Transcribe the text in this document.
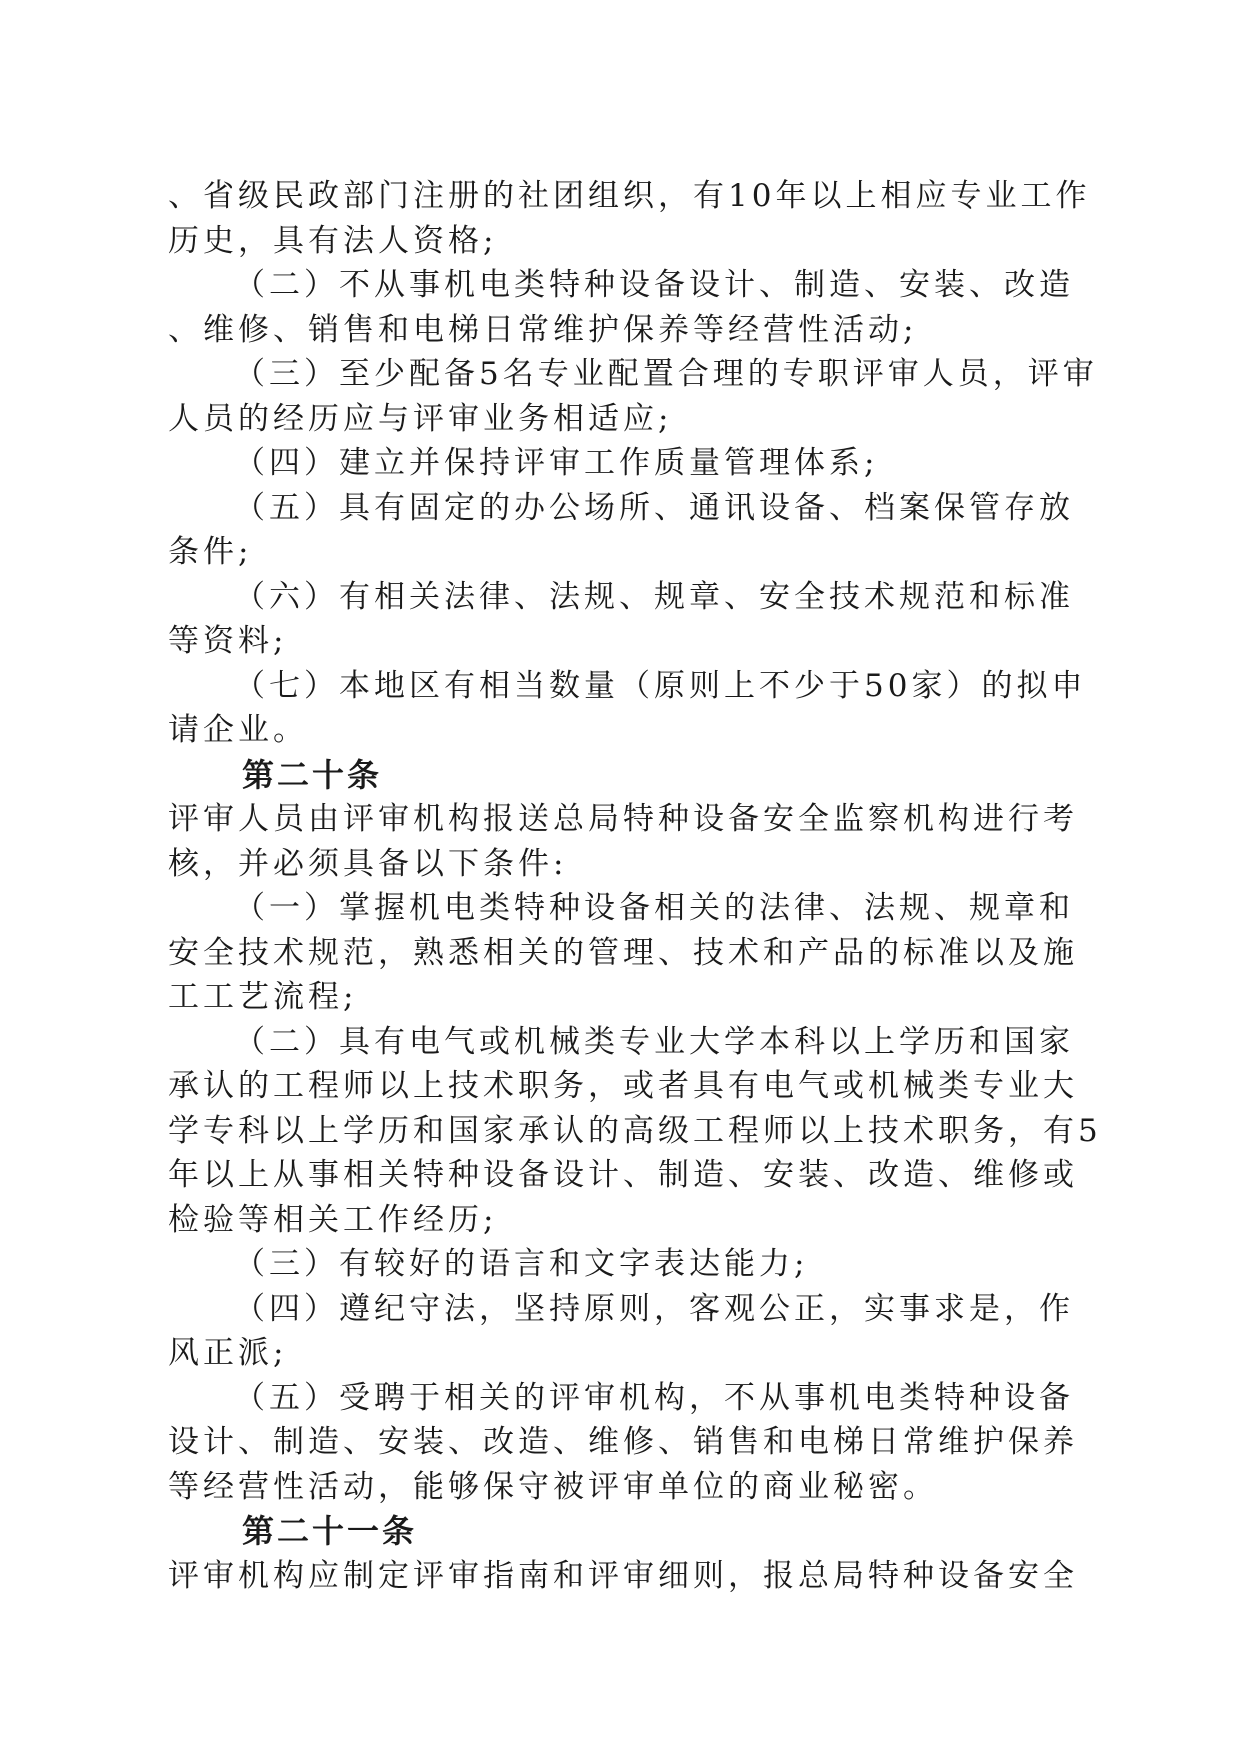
、省级民政部门注册的社团组织，有10年以上相应专业工作
历史，具有法人资格;
（二）不从事机电类特种设备设计、制造、安装、改造
、维修、销售和电梯日常维护保养等经营性活动;
（三）至少配备5名专业配置合理的专职评审人员，评审
人员的经历应与评审业务相适应;
（四）建立并保持评审工作质量管理体系;
（五）具有固定的办公场所、通讯设备、档案保管存放
条件;
（六）有相关法律、法规、规章、安全技术规范和标准
等资料;
（七）本地区有相当数量（原则上不少于50家）的拟申
请企业。
第二十条
评审人员由评审机构报送总局特种设备安全监察机构进行考
核，并必须具备以下条件:
（一）掌握机电类特种设备相关的法律、法规、规章和
安全技术规范，熟悉相关的管理、技术和产品的标准以及施
工工艺流程;
（二）具有电气或机械类专业大学本科以上学历和国家
承认的工程师以上技术职务，或者具有电气或机械类专业大
学专科以上学历和国家承认的高级工程师以上技术职务，有5
年以上从事相关特种设备设计、制造、安装、改造、维修或
检验等相关工作经历;
（三）有较好的语言和文字表达能力;
（四）遵纪守法，坚持原则，客观公正，实事求是，作
风正派;
（五）受聘于相关的评审机构，不从事机电类特种设备
设计、制造、安装、改造、维修、销售和电梯日常维护保养
等经营性活动，能够保守被评审单位的商业秘密。
第二十一条
评审机构应制定评审指南和评审细则，报总局特种设备安全
